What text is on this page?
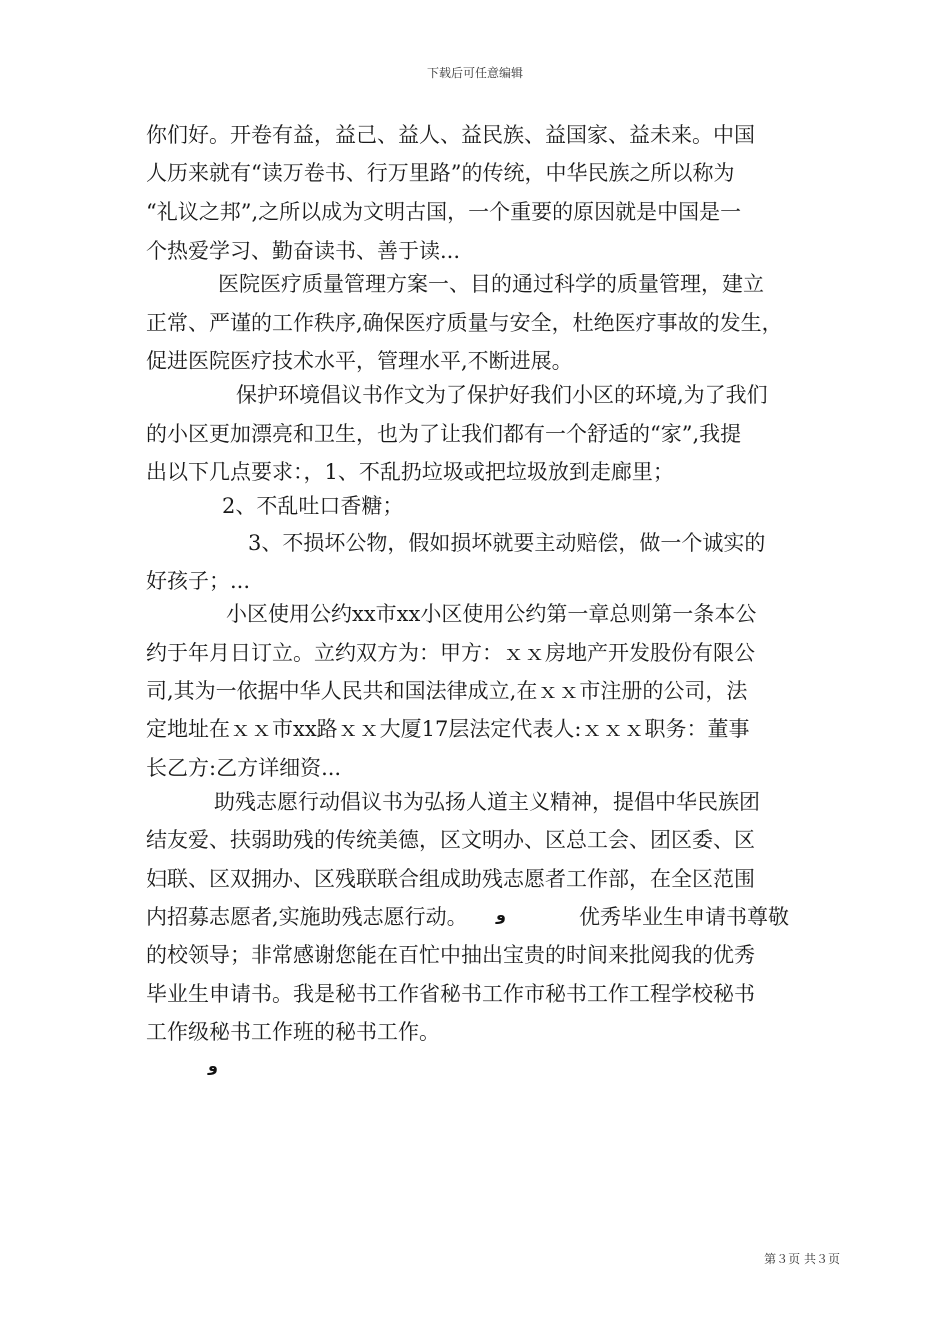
下载后可任意编辑
你们好。开卷有益，益己、益人、益民族、益国家、益未来。中国
人历来就有“读万卷书、行万里路”的传统，中华民族之所以称为
“礼议之邦”,之所以成为文明古国，一个重要的原因就是中国是一
个热爱学习、勤奋读书、善于读...
医院医疗质量管理方案一、目的通过科学的质量管理，建立
正常、严谨的工作秩序,确保医疗质量与安全，杜绝医疗事故的发生，
促进医院医疗技术水平，管理水平,不断进展。
保护环境倡议书作文为了保护好我们小区的环境,为了我们
的小区更加漂亮和卫生，也为了让我们都有一个舒适的“家”,我提
出以下几点要求：，1、不乱扔垃圾或把垃圾放到走廊里；
2、不乱吐口香糖；
3、不损坏公物，假如损坏就要主动赔偿，做一个诚实的
好孩子；...
小区使用公约xx市xx小区使用公约第一章总则第一条本公
约于年月日订立。立约双方为：甲方：ｘｘ房地产开发股份有限公
司,其为一依据中华人民共和国法律成立,在ｘｘ市注册的公司，法
定地址在ｘｘ市xx路ｘｘ大厦17层法定代表人:ｘｘｘ职务：董事
长乙方:乙方详细资...
助残志愿行动倡议书为弘扬人道主义精神，提倡中华民族团
结友爱、扶弱助残的传统美德，区文明办、区总工会、团区委、区
妇联、区双拥办、区残联联合组成助残志愿者工作部，在全区范围
内招募志愿者,实施助残志愿行动。	优秀毕业生申请书尊敬
的校领导；非常感谢您能在百忙中抽出宝贵的时间来批阅我的优秀
毕业生申请书。我是秘书工作省秘书工作市秘书工作工程学校秘书
工作级秘书工作班的秘书工作。
و
و
第３页 共３页
